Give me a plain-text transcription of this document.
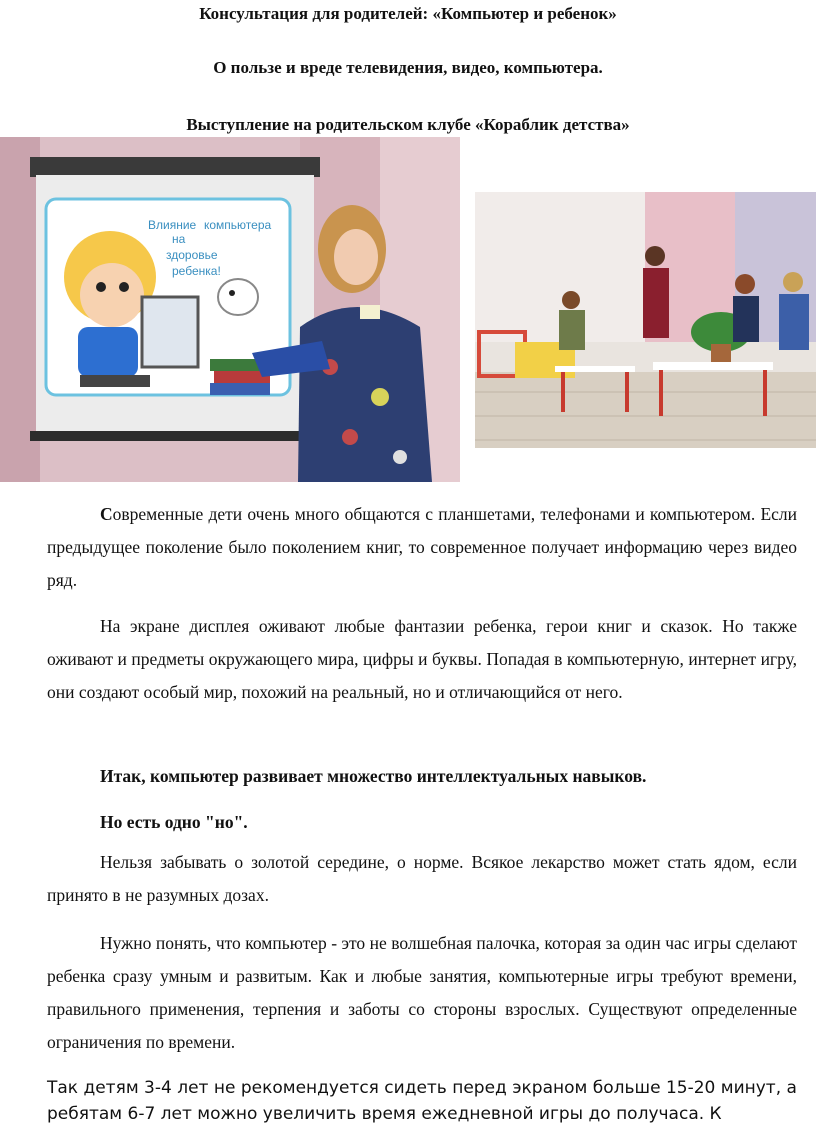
Консультация для родителей: «Компьютер и ребенок»
О пользе и вреде телевидения, видео, компьютера.
Выступление на родительском клубе «Кораблик детства»
Влияние компьютера
на
здоровье
ребенка!

Современные дети очень много общаются с планшетами, телефонами и компьютером. Если предыдущее поколение было поколением книг, то современное получает информацию через видео ряд.

На экране дисплея оживают любые фантазии ребенка, герои книг и сказок. Но также оживают и предметы окружающего мира, цифры и буквы. Попадая в компьютерную, интернет игру, они создают особый мир, похожий на реальный, но и отличающийся от него.

Итак, компьютер развивает множество интеллектуальных навыков.

Но есть одно "но".

Нельзя забывать о золотой середине, о норме. Всякое лекарство может стать ядом, если принято в не разумных дозах.

Нужно понять, что компьютер - это не волшебная палочка, которая за один час игры сделают ребенка сразу умным и развитым. Как и любые занятия, компьютерные игры требуют времени, правильного применения, терпения и заботы со стороны взрослых. Существуют определенные ограничения по времени.

Так детям 3-4 лет не рекомендуется сидеть перед экраном больше 15-20 минут, а ребятам 6-7 лет можно увеличить время ежедневной игры до получаса. К
